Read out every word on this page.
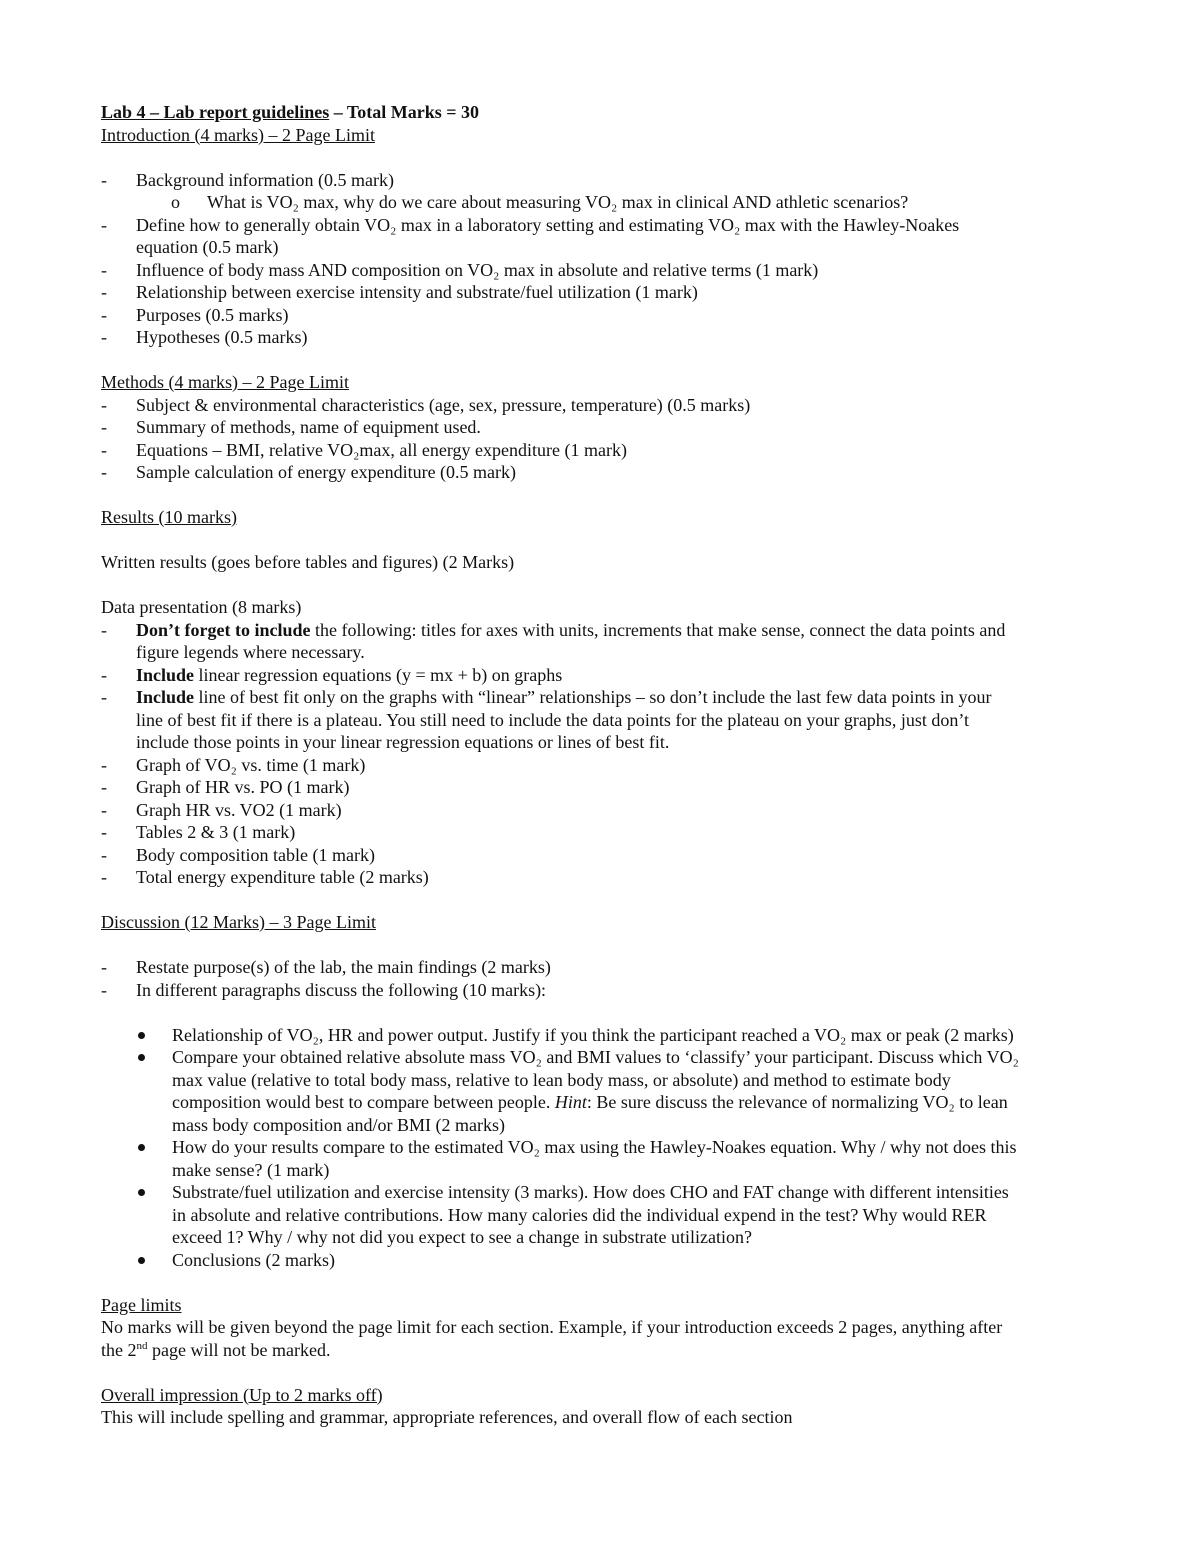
Lab 4 – Lab report guidelines – Total Marks = 30
Introduction (4 marks) – 2 Page Limit
- Background information (0.5 mark)
o What is VO₂ max, why do we care about measuring VO₂ max in clinical AND athletic scenarios?
- Define how to generally obtain VO₂ max in a laboratory setting and estimating VO₂ max with the Hawley-Noakes
equation (0.5 mark)
- Influence of body mass AND composition on VO₂ max in absolute and relative terms (1 mark)
- Relationship between exercise intensity and substrate/fuel utilization (1 mark)
- Purposes (0.5 marks)
- Hypotheses (0.5 marks)
Methods (4 marks) – 2 Page Limit
- Subject & environmental characteristics (age, sex, pressure, temperature) (0.5 marks)
- Summary of methods, name of equipment used.
- Equations – BMI, relative VO₂max, all energy expenditure (1 mark)
- Sample calculation of energy expenditure (0.5 mark)
Results (10 marks)
Written results (goes before tables and figures) (2 Marks)
Data presentation (8 marks)
- Don’t forget to include the following: titles for axes with units, increments that make sense, connect the data points and
figure legends where necessary.
- Include linear regression equations (y = mx + b) on graphs
- Include line of best fit only on the graphs with “linear” relationships – so don’t include the last few data points in your
line of best fit if there is a plateau. You still need to include the data points for the plateau on your graphs, just don’t
include those points in your linear regression equations or lines of best fit.
- Graph of VO₂ vs. time (1 mark)
- Graph of HR vs. PO (1 mark)
- Graph HR vs. VO2 (1 mark)
- Tables 2 & 3 (1 mark)
- Body composition table (1 mark)
- Total energy expenditure table (2 marks)
Discussion (12 Marks) – 3 Page Limit
- Restate purpose(s) of the lab, the main findings (2 marks)
- In different paragraphs discuss the following (10 marks):
Relationship of VO₂, HR and power output. Justify if you think the participant reached a VO₂ max or peak (2 marks)
Compare your obtained relative absolute mass VO₂ and BMI values to ‘classify’ your participant. Discuss which VO₂
max value (relative to total body mass, relative to lean body mass, or absolute) and method to estimate body
composition would best to compare between people. Hint: Be sure discuss the relevance of normalizing VO₂ to lean
mass body composition and/or BMI (2 marks)
How do your results compare to the estimated VO₂ max using the Hawley-Noakes equation. Why / why not does this
make sense? (1 mark)
Substrate/fuel utilization and exercise intensity (3 marks). How does CHO and FAT change with different intensities
in absolute and relative contributions. How many calories did the individual expend in the test? Why would RER
exceed 1? Why / why not did you expect to see a change in substrate utilization?
Conclusions (2 marks)
Page limits
No marks will be given beyond the page limit for each section. Example, if your introduction exceeds 2 pages, anything after
the 2nd page will not be marked.
Overall impression (Up to 2 marks off)
This will include spelling and grammar, appropriate references, and overall flow of each section
